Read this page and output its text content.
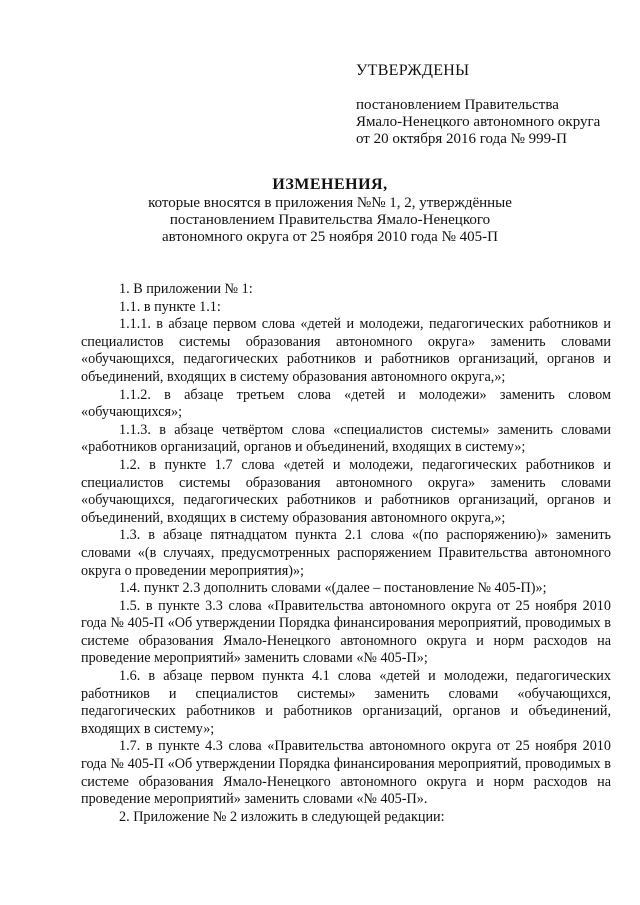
УТВЕРЖДЕНЫ
постановлением Правительства
Ямало-Ненецкого автономного округа
от 20 октября 2016 года № 999-П
ИЗМЕНЕНИЯ,
которые вносятся в приложения №№ 1, 2, утверждённые
постановлением Правительства Ямало-Ненецкого
автономного округа от 25 ноября 2010 года № 405-П

1. В приложении № 1:

1.1. в пункте 1.1:

1.1.1. в абзаце первом слова «детей и молодежи, педагогических работников и специалистов системы образования автономного округа» заменить словами «обучающихся, педагогических работников и работников организаций, органов и объединений, входящих в систему образования автономного округа,»;

1.1.2. в абзаце третьем слова «детей и молодежи» заменить словом «обучающихся»;

1.1.3. в абзаце четвёртом слова «специалистов системы» заменить словами «работников организаций, органов и объединений, входящих в систему»;

1.2. в пункте 1.7 слова «детей и молодежи, педагогических работников и специалистов системы образования автономного округа» заменить словами «обучающихся, педагогических работников и работников организаций, органов и объединений, входящих в систему образования автономного округа,»;

1.3. в абзаце пятнадцатом пункта 2.1 слова «(по распоряжению)» заменить словами «(в случаях, предусмотренных распоряжением Правительства автономного округа о проведении мероприятия)»;

1.4. пункт 2.3 дополнить словами «(далее – постановление № 405-П)»;

1.5. в пункте 3.3 слова «Правительства автономного округа от 25 ноября 2010 года № 405-П «Об утверждении Порядка финансирования мероприятий, проводимых в системе образования Ямало-Ненецкого автономного округа и норм расходов на проведение мероприятий» заменить словами «№ 405-П»;

1.6. в абзаце первом пункта 4.1 слова «детей и молодежи, педагогических работников и специалистов системы» заменить словами «обучающихся, педагогических работников и работников организаций, органов и объединений, входящих в систему»;

1.7. в пункте 4.3 слова «Правительства автономного округа от 25 ноября 2010 года № 405-П «Об утверждении Порядка финансирования мероприятий, проводимых в системе образования Ямало-Ненецкого автономного округа и норм расходов на проведение мероприятий» заменить словами «№ 405-П».

2. Приложение № 2 изложить в следующей редакции:
